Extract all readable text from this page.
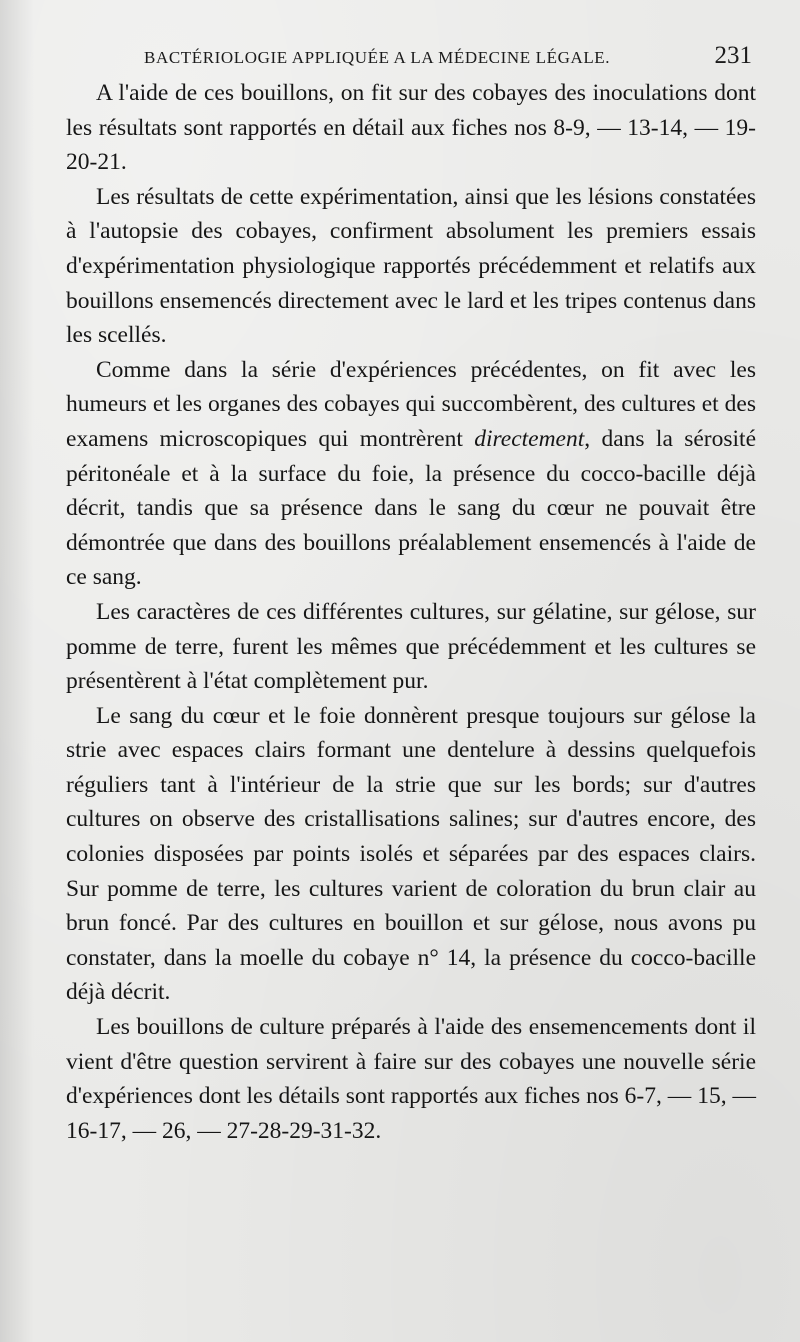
BACTÉRIOLOGIE APPLIQUÉE A LA MÉDECINE LÉGALE.	231

A l'aide de ces bouillons, on fit sur des cobayes des inoculations dont les résultats sont rapportés en détail aux fiches nos 8-9, — 13-14, — 19-20-21.

Les résultats de cette expérimentation, ainsi que les lésions constatées à l'autopsie des cobayes, confirment absolument les premiers essais d'expérimentation physiologique rapportés précédemment et relatifs aux bouillons ensemencés directement avec le lard et les tripes contenus dans les scellés.

Comme dans la série d'expériences précédentes, on fit avec les humeurs et les organes des cobayes qui succombèrent, des cultures et des examens microscopiques qui montrèrent directement, dans la sérosité péritonéale et à la surface du foie, la présence du cocco-bacille déjà décrit, tandis que sa présence dans le sang du cœur ne pouvait être démontrée que dans des bouillons préalablement ensemencés à l'aide de ce sang.

Les caractères de ces différentes cultures, sur gélatine, sur gélose, sur pomme de terre, furent les mêmes que précédemment et les cultures se présentèrent à l'état complètement pur.

Le sang du cœur et le foie donnèrent presque toujours sur gélose la strie avec espaces clairs formant une dentelure à dessins quelquefois réguliers tant à l'intérieur de la strie que sur les bords; sur d'autres cultures on observe des cristallisations salines; sur d'autres encore, des colonies disposées par points isolés et séparées par des espaces clairs. Sur pomme de terre, les cultures varient de coloration du brun clair au brun foncé. Par des cultures en bouillon et sur gélose, nous avons pu constater, dans la moelle du cobaye n° 14, la présence du cocco-bacille déjà décrit.

Les bouillons de culture préparés à l'aide des ensemencements dont il vient d'être question servirent à faire sur des cobayes une nouvelle série d'expériences dont les détails sont rapportés aux fiches nos 6-7, — 15, — 16-17, — 26, — 27-28-29-31-32.
